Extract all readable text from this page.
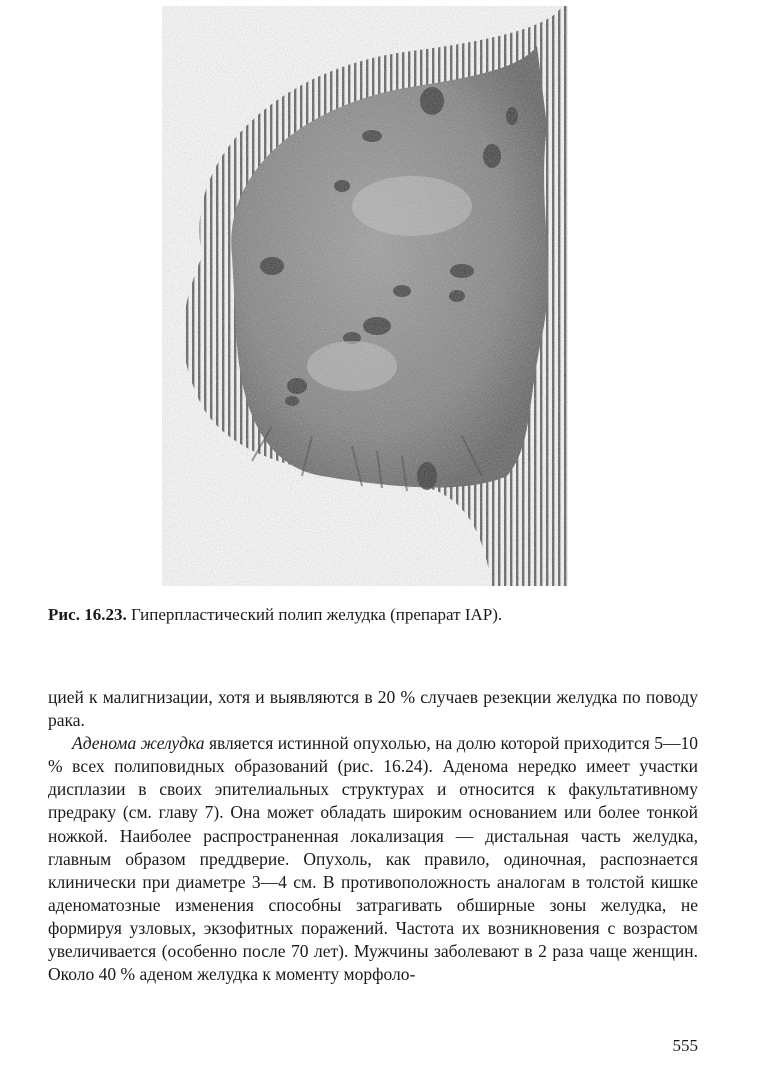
Рис. 16.23. Гиперпластический полип желудка (препарат IAP).

цией к малигнизации, хотя и выявляются в 20 % случаев резекции желудка по поводу рака.

Аденома желудка является истинной опухолью, на долю которой приходится 5—10 % всех полиповидных образований (рис. 16.24). Аденома нередко имеет участки дисплазии в своих эпителиальных структурах и относится к факультативному предраку (см. главу 7). Она может обладать широким основанием или более тонкой ножкой. Наиболее распространенная локализация — дистальная часть желудка, главным образом преддверие. Опухоль, как правило, одиночная, распознается клинически при диаметре 3—4 см. В противоположность аналогам в толстой кишке аденоматозные изменения способны затрагивать обширные зоны желудка, не формируя узловых, экзофитных поражений. Частота их возникновения с возрастом увеличивается (особенно после 70 лет). Мужчины заболевают в 2 раза чаще женщин. Около 40 % аденом желудка к моменту морфоло-

555
